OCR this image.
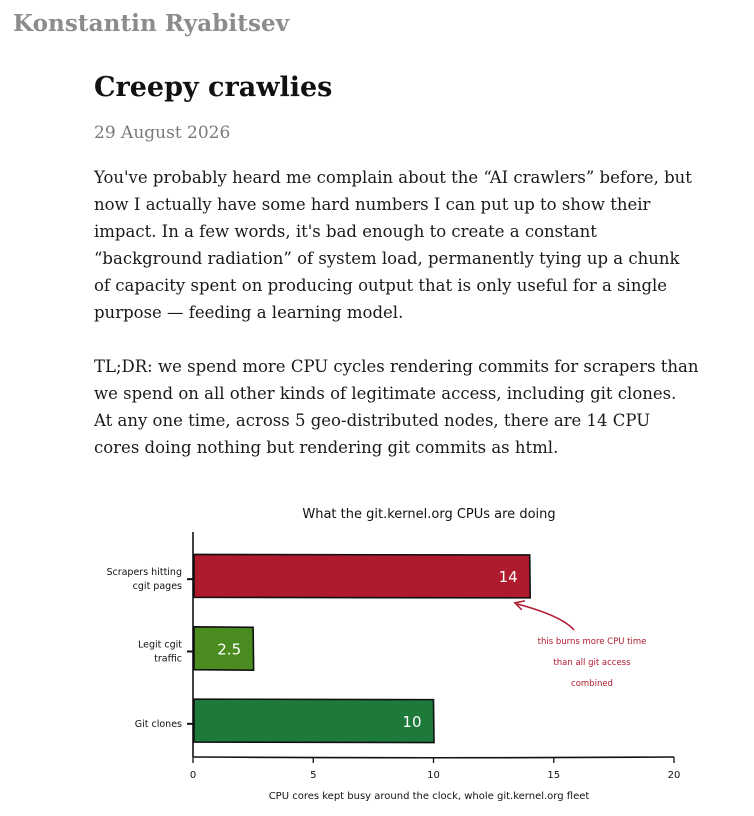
Konstantin Ryabitsev
Creepy crawlies
29 August 2026

You've probably heard me complain about the “AI crawlers” before, but now I actually have some hard numbers I can put up to show their impact. In a few words, it's bad enough to create a constant “background radiation” of system load, permanently tying up a chunk of capacity spent on producing output that is only useful for a single purpose — feeding a learning model.

TL;DR: we spend more CPU cycles rendering commits for scrapers than we spend on all other kinds of legitimate access, including git clones. At any one time, across 5 geo-distributed nodes, there are 14 CPU cores doing nothing but rendering git commits as html.

What the git.kernel.org CPUs are doing
CPU cores kept busy around the clock, whole git.kernel.org fleet
0	5	10	15	20
14
Scrapers hitting
cgit pages
2.5
Legit cgit
traffic
10
Git clones
this burns more CPU time
than all git access
combined
